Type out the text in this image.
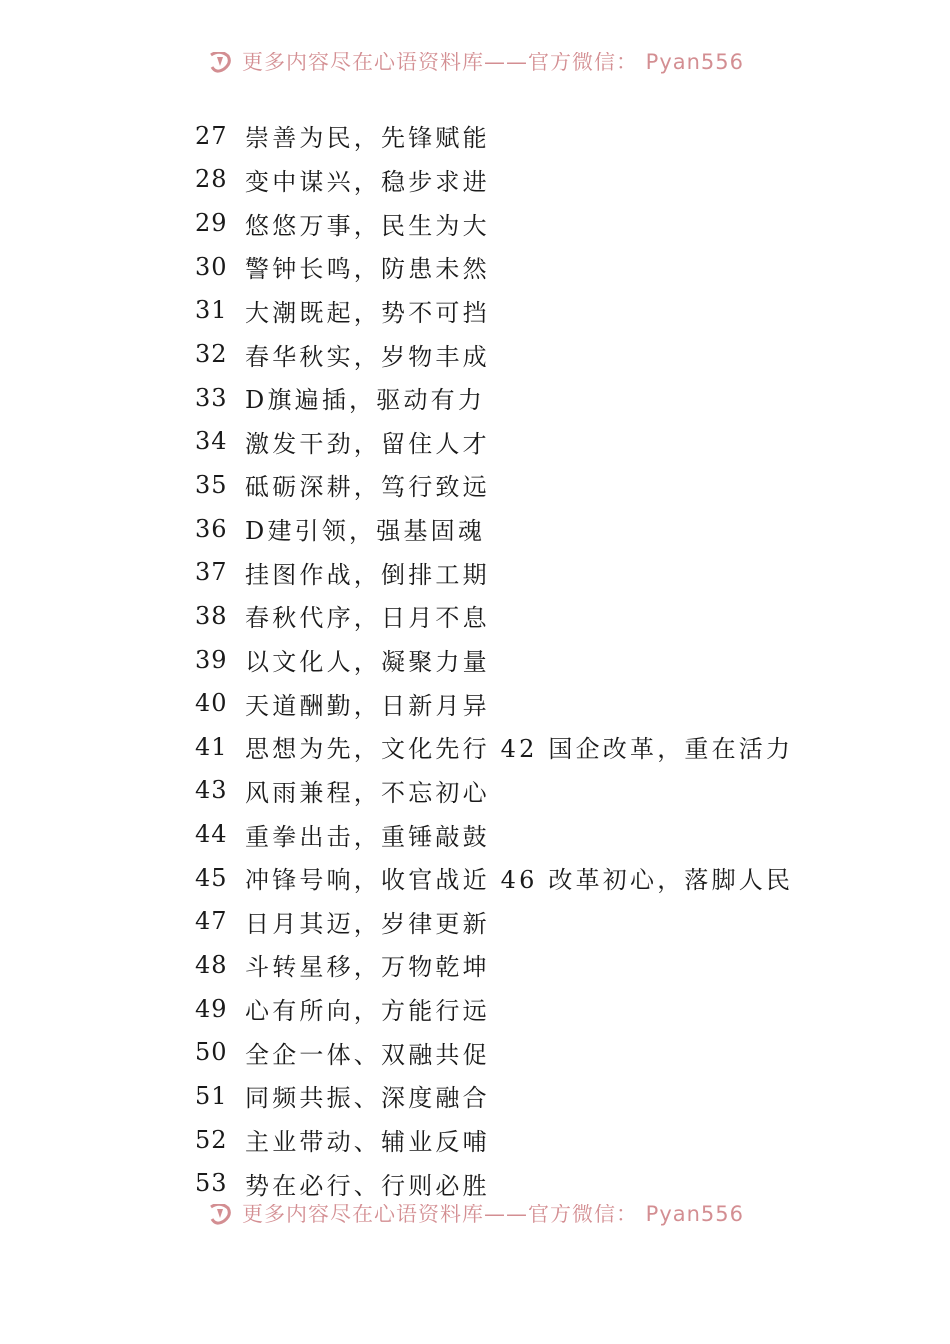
更多内容尽在心语资料库——官方微信： Pyan556
27 崇善为民，先锋赋能
28 变中谋兴，稳步求进
29 悠悠万事，民生为大
30 警钟长鸣，防患未然
31 大潮既起，势不可挡
32 春华秋实，岁物丰成
33 D旗遍插，驱动有力
34 激发干劲，留住人才
35 砥砺深耕，笃行致远
36 D建引领，强基固魂
37 挂图作战，倒排工期
38 春秋代序，日月不息
39 以文化人，凝聚力量
40 天道酬勤，日新月异
41 思想为先，文化先行 42 国企改革，重在活力
43 风雨兼程，不忘初心
44 重拳出击，重锤敲鼓
45 冲锋号响，收官战近 46 改革初心，落脚人民
47 日月其迈，岁律更新
48 斗转星移，万物乾坤
49 心有所向，方能行远
50 全企一体、双融共促
51 同频共振、深度融合
52 主业带动、辅业反哺
53 势在必行、行则必胜
更多内容尽在心语资料库——官方微信： Pyan556
